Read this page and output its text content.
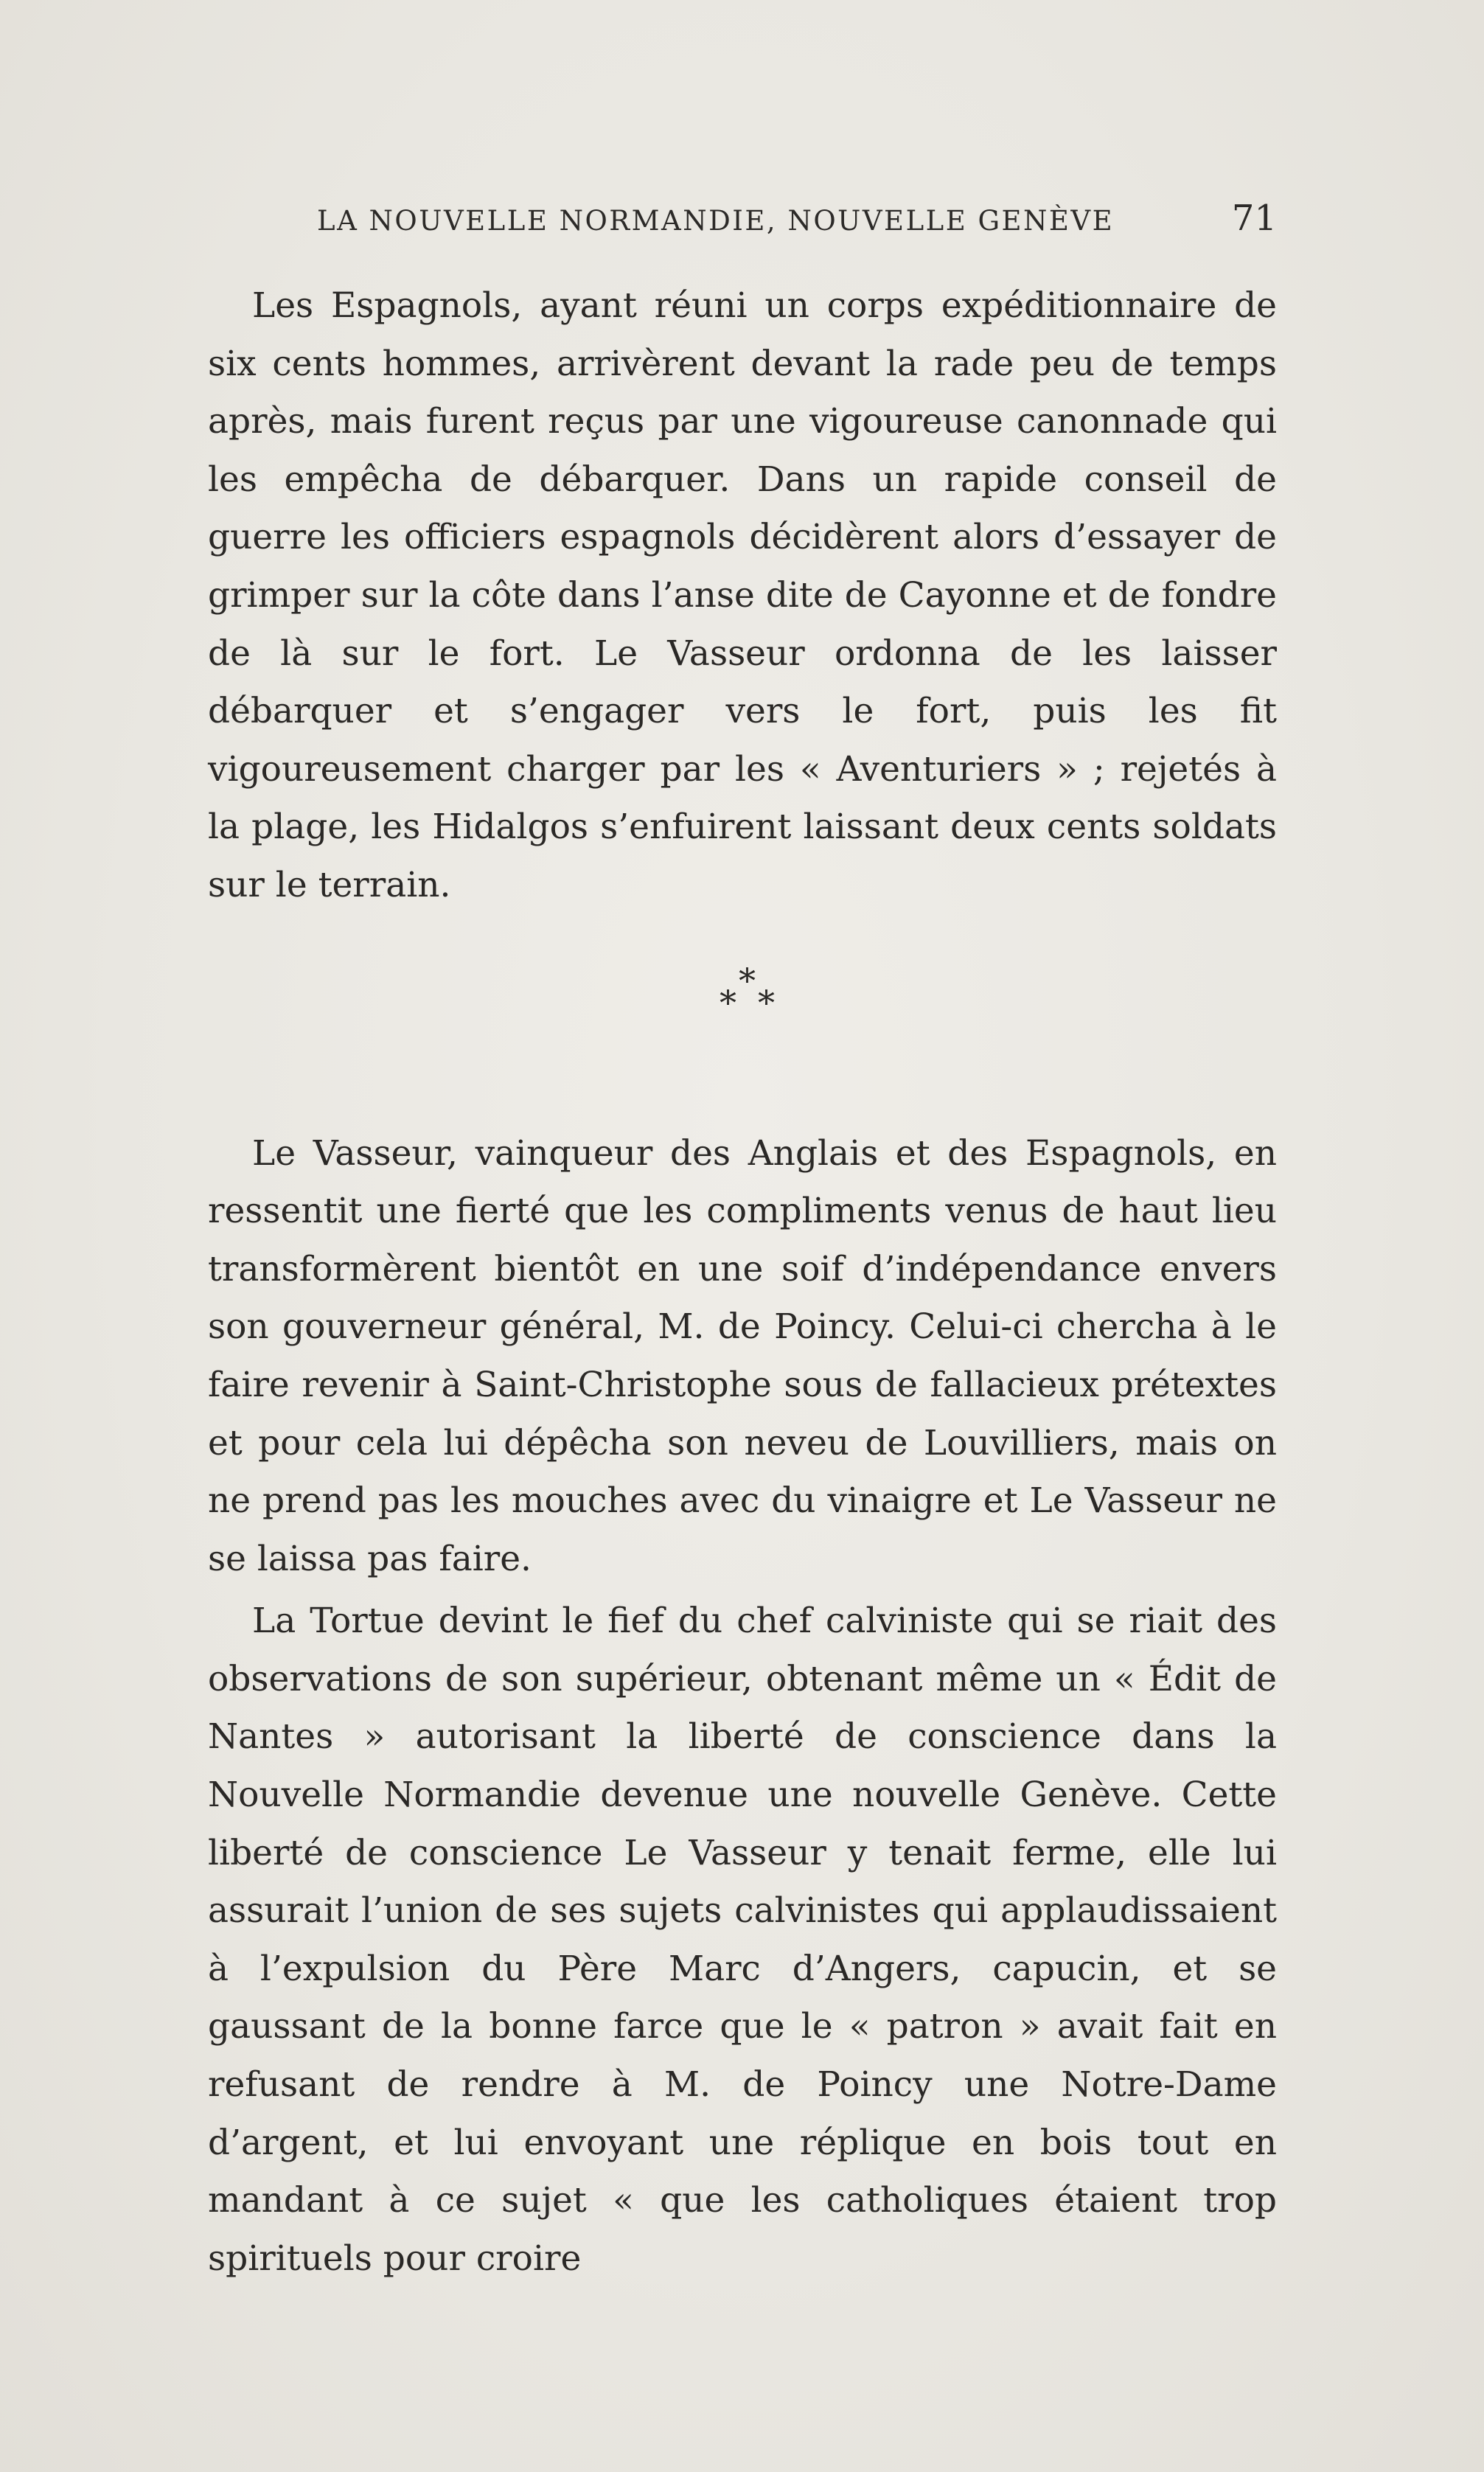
LA NOUVELLE NORMANDIE, NOUVELLE GENÈVE	71

Les Espagnols, ayant réuni un corps expéditionnaire de six cents hommes, arrivèrent devant la rade peu de temps après, mais furent reçus par une vigoureuse canonnade qui les empêcha de débarquer. Dans un rapide conseil de guerre les officiers espagnols décidèrent alors d’essayer de grimper sur la côte dans l’anse dite de Cayonne et de fondre de là sur le fort. Le Vasseur ordonna de les laisser débarquer et s’engager vers le fort, puis les fit vigoureusement charger par les « Aventuriers » ; rejetés à la plage, les Hidalgos s’enfuirent laissant deux cents soldats sur le terrain.

*
* *

Le Vasseur, vainqueur des Anglais et des Espagnols, en ressentit une fierté que les compliments venus de haut lieu transformèrent bientôt en une soif d’indépendance envers son gouverneur général, M. de Poincy. Celui-ci chercha à le faire revenir à Saint-Christophe sous de fallacieux prétextes et pour cela lui dépêcha son neveu de Louvilliers, mais on ne prend pas les mouches avec du vinaigre et Le Vasseur ne se laissa pas faire.

La Tortue devint le fief du chef calviniste qui se riait des observations de son supérieur, obtenant même un « Édit de Nantes » autorisant la liberté de conscience dans la Nouvelle Normandie devenue une nouvelle Genève. Cette liberté de conscience Le Vasseur y tenait ferme, elle lui assurait l’union de ses sujets calvinistes qui applaudissaient à l’expulsion du Père Marc d’Angers, capucin, et se gaussant de la bonne farce que le « patron » avait fait en refusant de rendre à M. de Poincy une Notre-Dame d’argent, et lui envoyant une réplique en bois tout en mandant à ce sujet « que les catholiques étaient trop spirituels pour croire
